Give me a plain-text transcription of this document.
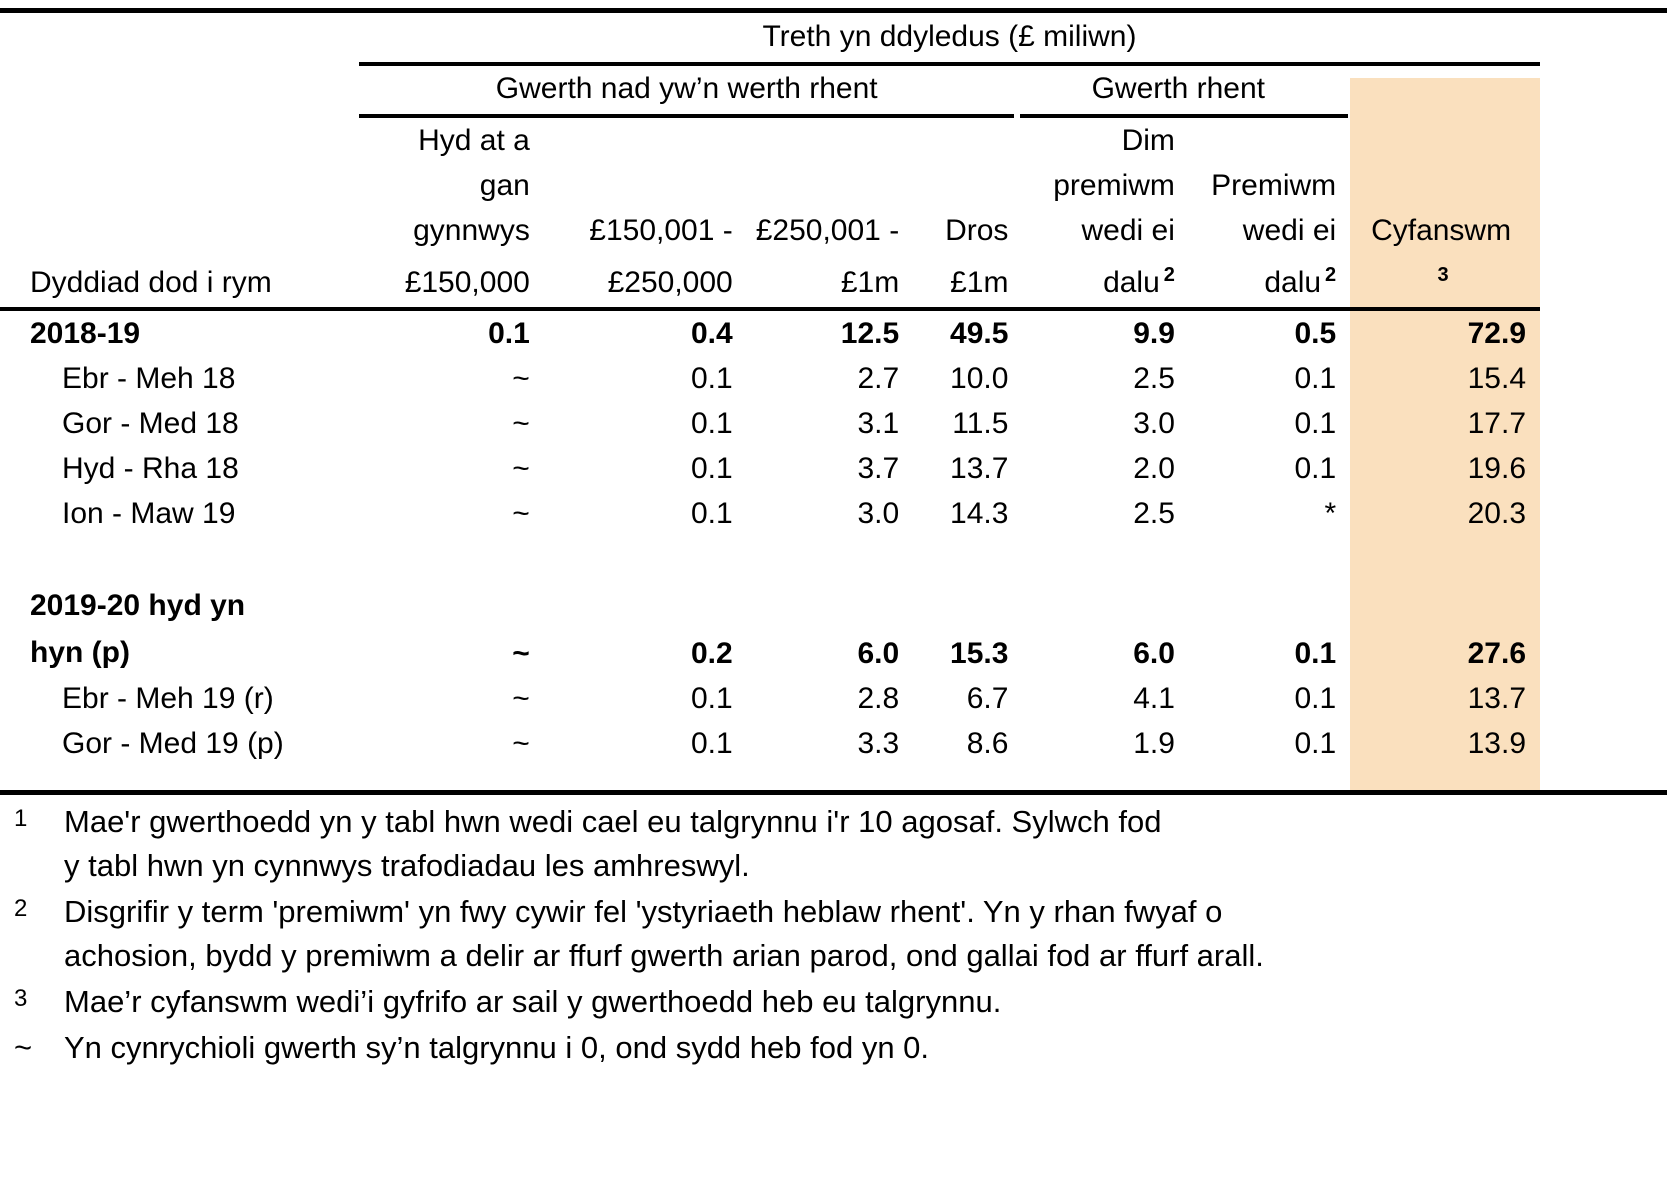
	Treth yn ddyledus (£ miliwn)						

	Gwerth nad yw’n werth rhent				Gwerth rhent		

	Hyd at a				Dim		
	gan				premiwm	Premiwm	
	gynnwys	£150,001 -	£250,001 -	Dros	wedi ei	wedi ei	Cyfanswm
Dyddiad dod i rym	£150,000	£250,000	£1m	£1m	dalu $^2$	dalu $^2$	$^3$

2018-19	0.1	0.4	12.5	49.5	9.9	0.5	72.9
Ebr - Meh 18	~	0.1	2.7	10.0	2.5	0.1	15.4
Gor - Med 18	~	0.1	3.1	11.5	3.0	0.1	17.7
Hyd - Rha 18	~	0.1	3.7	13.7	2.0	0.1	19.6
Ion - Maw 19	~	0.1	3.0	14.3	2.5	*	20.3

2019-20 hyd yn
hyn (p)	~	0.2	6.0	15.3	6.0	0.1	27.6
Ebr - Meh 19 (r)	~	0.1	2.8	6.7	4.1	0.1	13.7
Gor - Med 19 (p)	~	0.1	3.3	8.6	1.9	0.1	13.9
1	Mae'r gwerthoedd yn y tabl hwn wedi cael eu talgrynnu i'r 10 agosaf. Sylwch fod
y tabl hwn yn cynnwys trafodiadau les amhreswyl.
2	Disgrifir y term 'premiwm' yn fwy cywir fel 'ystyriaeth heblaw rhent'. Yn y rhan fwyaf o
achosion, bydd y premiwm a delir ar ffurf gwerth arian parod, ond gallai fod ar ffurf arall.
3	Mae’r cyfanswm wedi’i gyfrifo ar sail y gwerthoedd heb eu talgrynnu.
~	Yn cynrychioli gwerth sy’n talgrynnu i 0, ond sydd heb fod yn 0.
